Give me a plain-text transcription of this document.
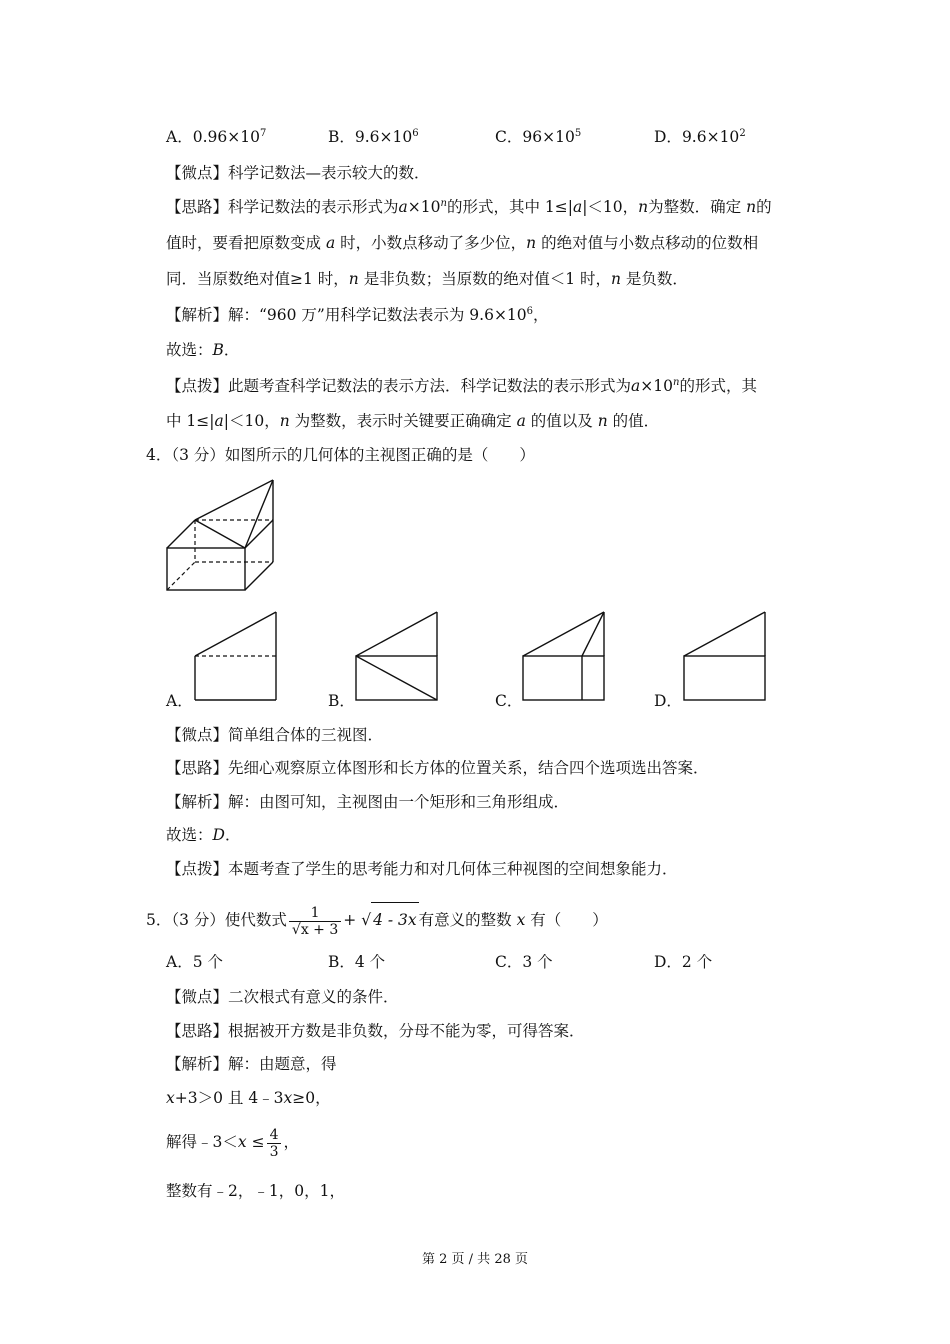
A．$0.96\times 10^7$	B．$9.6\times 10^6$	C．$96\times 10^5$	D．$9.6\times 10^2$
【微点】科学记数法—表示较大的数．
【思路】科学记数法的表示形式为$a\times 10^n$的形式，其中 1≤|a|＜10，n为整数．确定 n的
值时，要看把原数变成 a 时，小数点移动了多少位，n 的绝对值与小数点移动的位数相
同．当原数绝对值≥1 时，n 是非负数；当原数的绝对值＜1 时，n 是负数．
【解析】解：“960 万”用科学记数法表示为 $9.6\times 10^6$，
故选：B．
【点拨】此题考查科学记数法的表示方法．科学记数法的表示形式为$a\times 10^n$的形式，其
中 1≤|a|＜10，n 为整数，表示时关键要正确确定 a 的值以及 n 的值．
4．（3 分）如图所示的几何体的主视图正确的是（　　）
A．	B．	C．	D．
【微点】简单组合体的三视图．
【思路】先细心观察原立体图形和长方体的位置关系，结合四个选项选出答案．
【解析】解：由图可知，主视图由一个矩形和三角形组成．
故选：D．
【点拨】本题考查了学生的思考能力和对几何体三种视图的空间想象能力．
5．（3 分）使代数式 $\frac{1}{√x + 3}$ + √ 4 - 3x 有意义的整数 x 有（　　）
A．5 个	B．4 个	C．3 个	D．2 个
【微点】二次根式有意义的条件．
【思路】根据被开方数是非负数，分母不能为零，可得答案．
【解析】解：由题意，得
x+3＞0 且 4﹣3x≥0，
解得﹣3＜x ≤ $\frac{4}{3}$ ，
整数有﹣2，﹣1，0，1，
第 2 页 / 共 28 页
